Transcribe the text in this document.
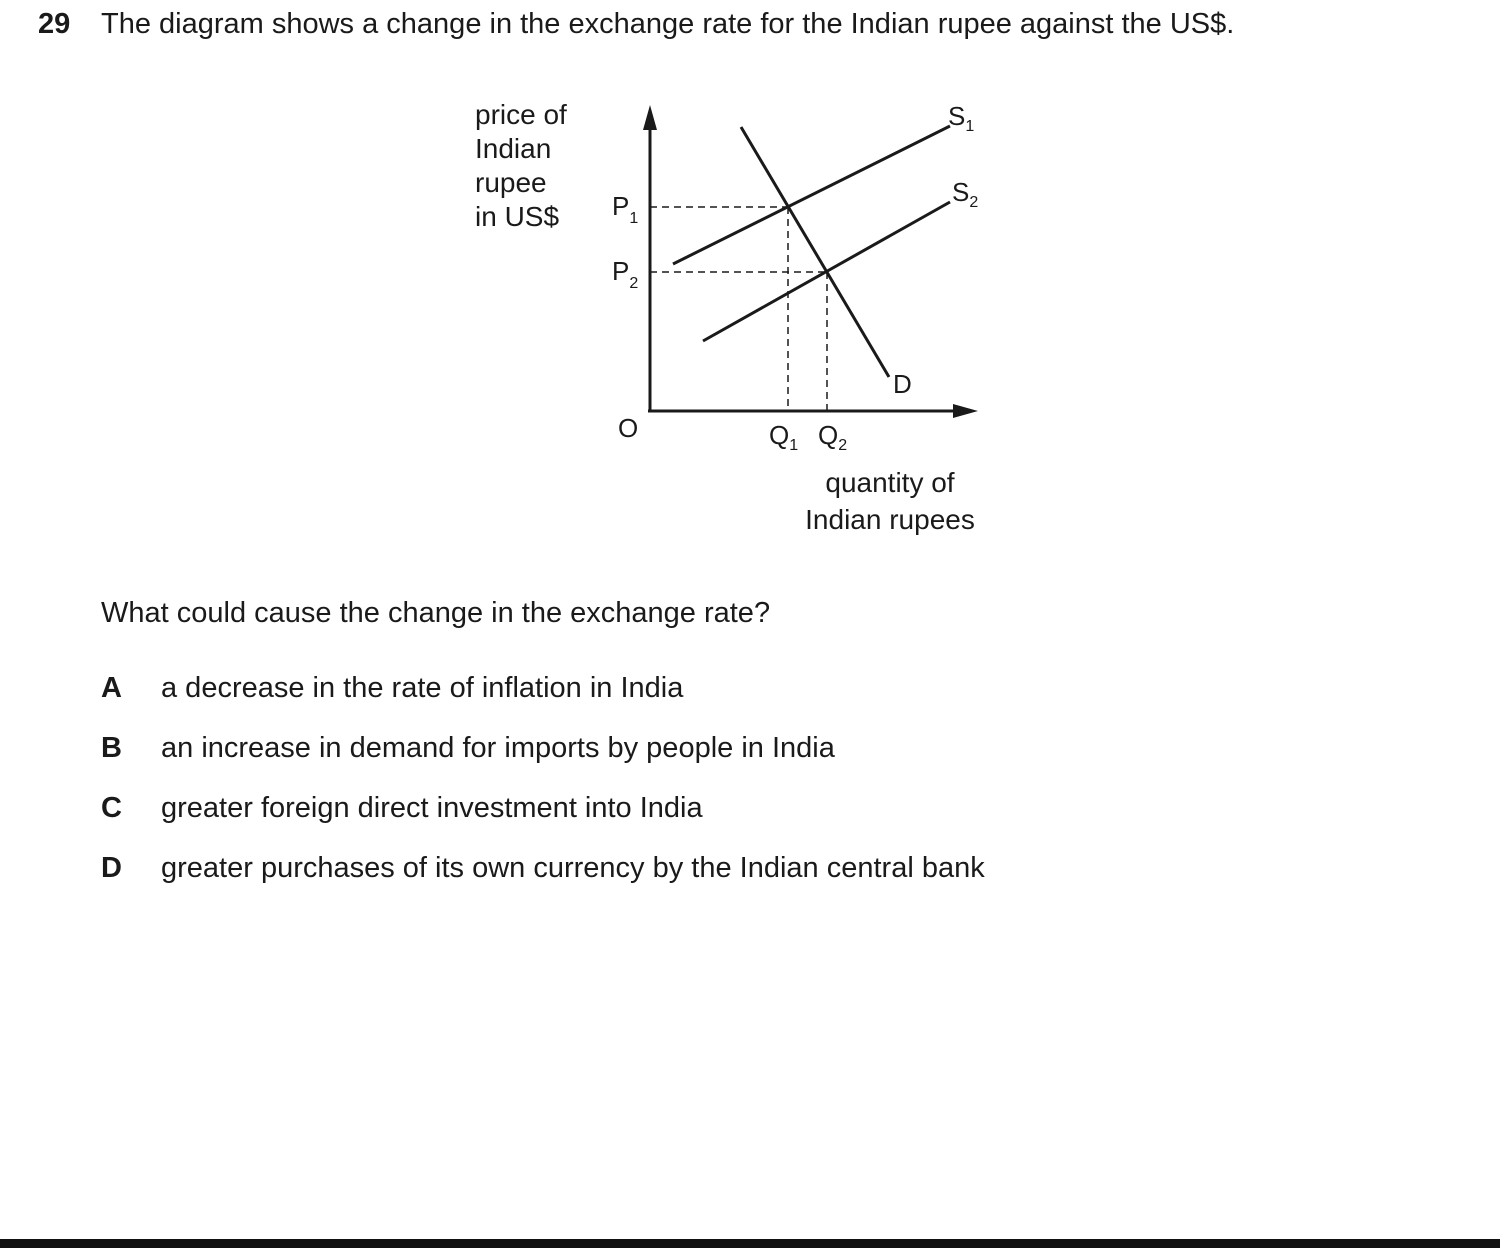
29 The diagram shows a change in the exchange rate for the Indian rupee against the US$.
price of
Indian
rupee
in US$ $P_1$
$P_2$
O	$Q_1$ $Q_2$
$S_1$
$S_2$
D
quantity of
Indian rupees
What could cause the change in the exchange rate?
A a decrease in the rate of inflation in India
B an increase in demand for imports by people in India
C greater foreign direct investment into India
D greater purchases of its own currency by the Indian central bank
